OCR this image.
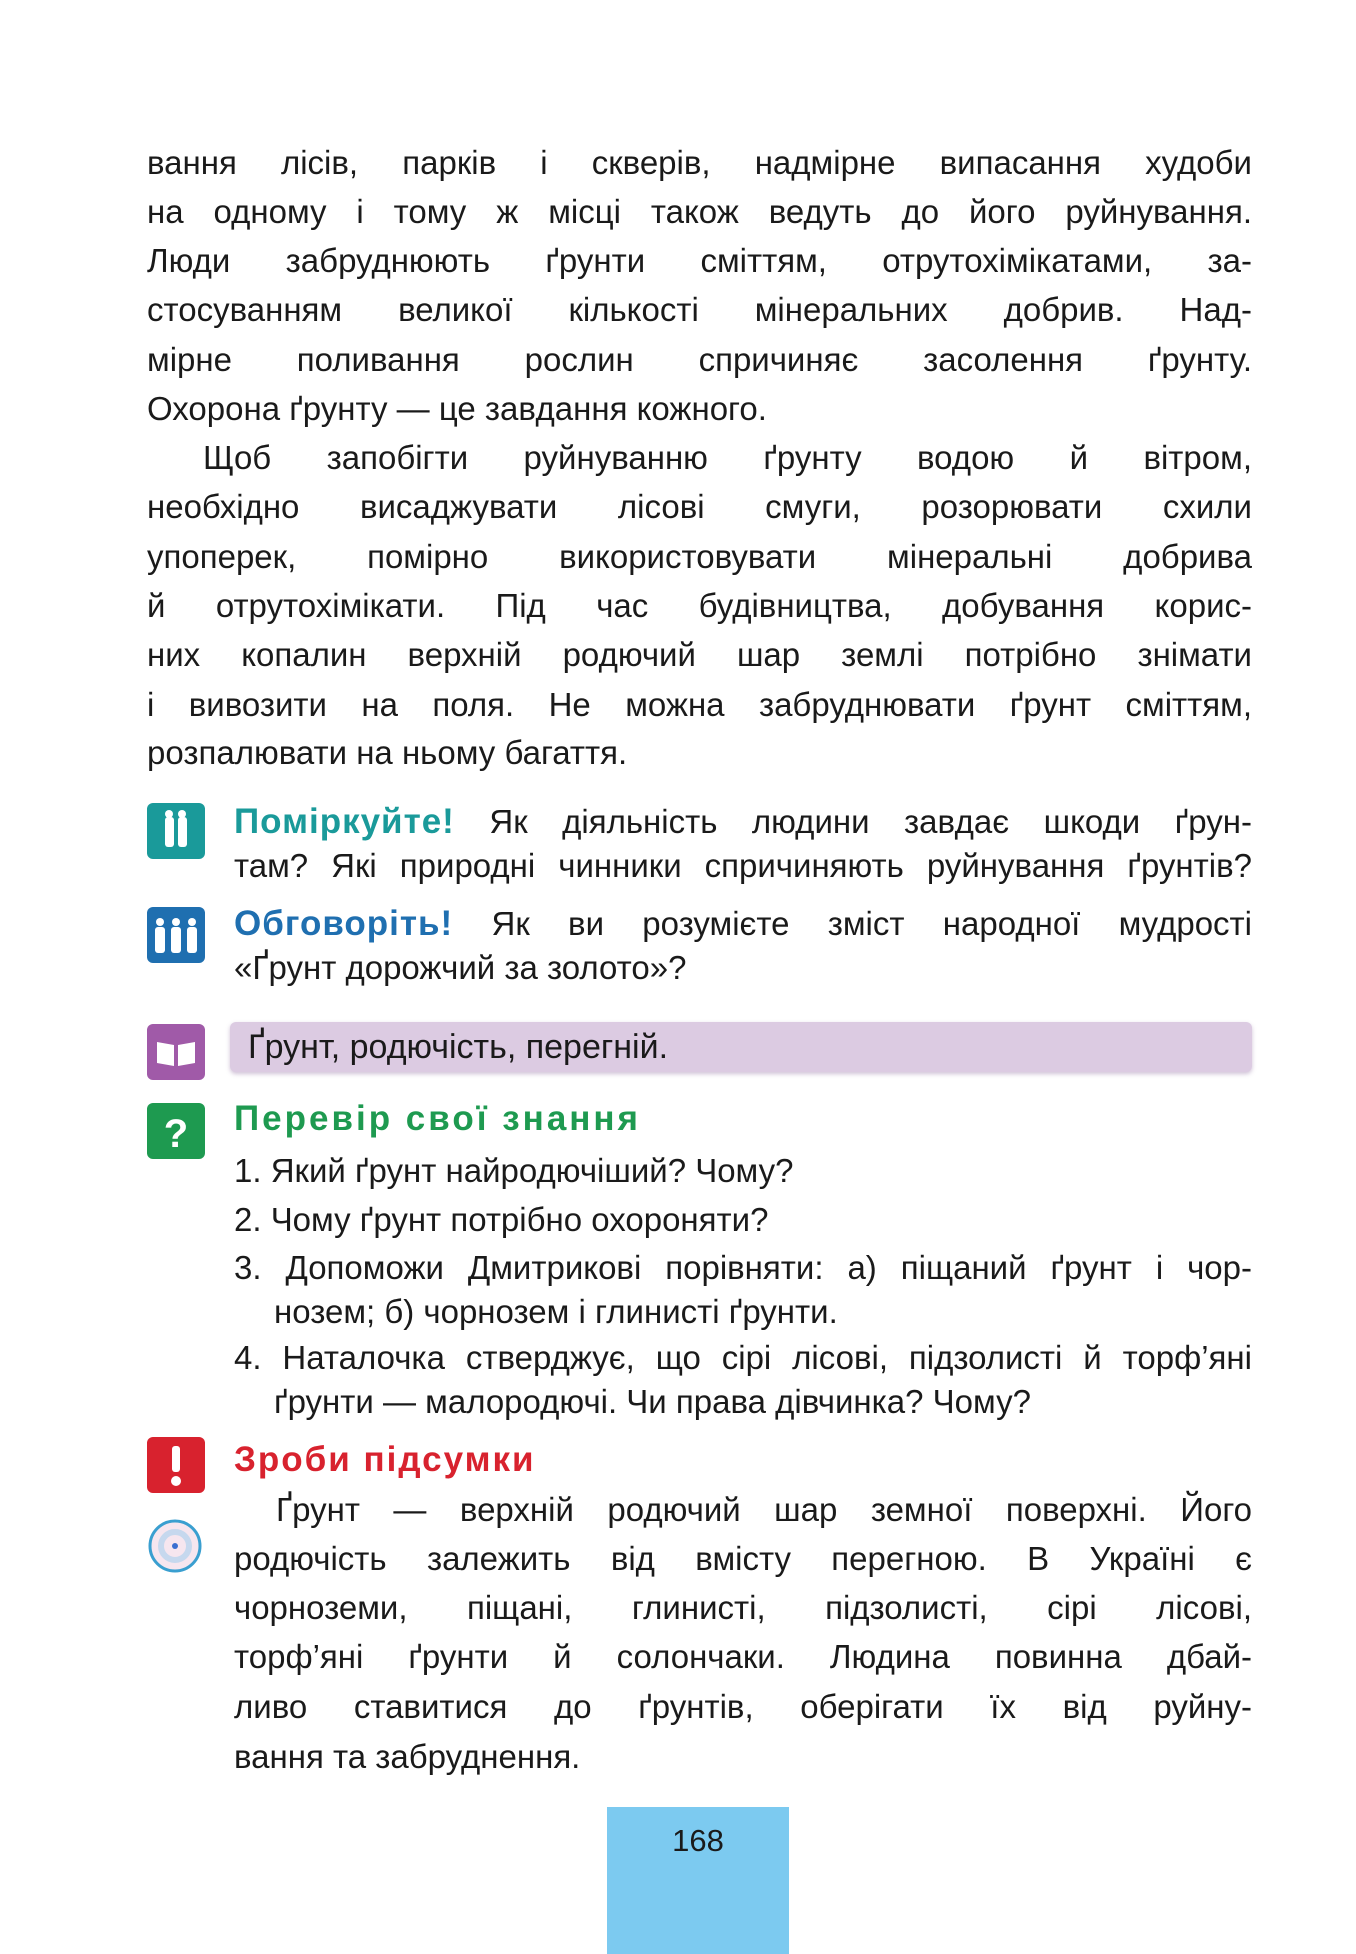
вання лісів, парків і скверів, надмірне випасання худоби
на одному і тому ж місці також ведуть до його руйнування.
Люди забруднюють ґрунти сміттям, отрутохімікатами, за-
стосуванням великої кількості мінеральних добрив. Над-
мірне поливання рослин спричиняє засолення ґрунту.
Охорона ґрунту — це завдання кожного.
Щоб запобігти руйнуванню ґрунту водою й вітром,
необхідно висаджувати лісові смуги, розорювати схили
упоперек, помірно використовувати мінеральні добрива
й отрутохімікати. Під час будівництва, добування корис-
них копалин верхній родючий шар землі потрібно знімати
і вивозити на поля. Не можна забруднювати ґрунт сміттям,
розпалювати на ньому багаття.
Поміркуйте! Як діяльність людини завдає шкоди ґрун-
там? Які природні чинники спричиняють руйнування ґрунтів?
Обговоріть! Як ви розумієте зміст народної мудрості
«Ґрунт дорожчий за золото»?
Ґрунт, родючість, перегній.
? Перевір свої знання
1. Який ґрунт найродючіший? Чому?
2. Чому ґрунт потрібно охороняти?
3. Допоможи Дмитрикові порівняти: а) піщаний ґрунт і чор-
нозем; б) чорнозем і глинисті ґрунти.
4. Наталочка стверджує, що сірі лісові, підзолисті й торф’яні
ґрунти — малородючі. Чи права дівчинка? Чому?
Зроби підсумки
Ґрунт — верхній родючий шар земної поверхні. Його
родючість залежить від вмісту перегною. В Україні є
чорноземи, піщані, глинисті, підзолисті, сірі лісові,
торф’яні ґрунти й солончаки. Людина повинна дбай-
ливо ставитися до ґрунтів, оберігати їх від руйну-
вання та забруднення.
168
